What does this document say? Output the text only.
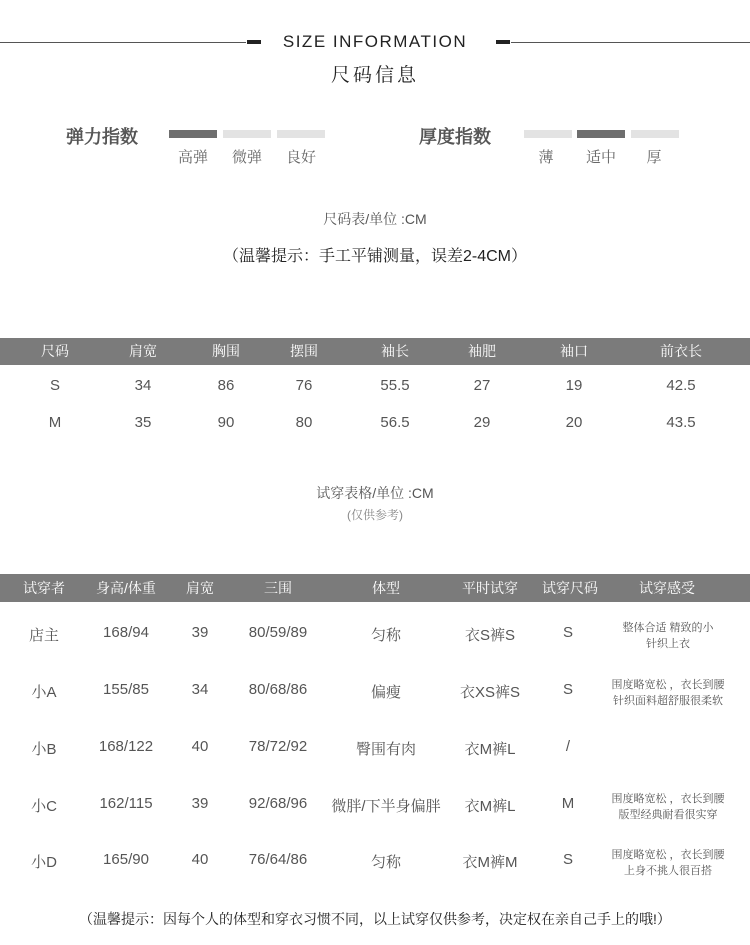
SIZE INFORMATION
尺码信息
弹力指数
高弹	微弹	良好
厚度指数
薄	适中	厚
尺码表/单位 :CM
（温馨提示：手工平铺测量，误差2-4CM）
尺码	肩宽	胸围	摆围	袖长	袖肥	袖口	前衣长
S	34	86	76	55.5	27	19	42.5
M	35	90	80	56.5	29	20	43.5
试穿表格/单位 :CM
(仅供参考)
试穿者	身高/体重	肩宽	三围	体型	平时试穿	试穿尺码	试穿感受
店主	168/94	39	80/59/89	匀称	衣S裤S	S	整体合适 精致的小
针织上衣
小A	155/85	34	80/68/86	偏瘦	衣XS裤S	S	围度略宽松 ，衣长到腰
针织面料超舒服很柔软
小B	168/122	40	78/72/92	臀围有肉	衣M裤L	/
小C	162/115	39	92/68/96	微胖/下半身偏胖	衣M裤L	M	围度略宽松 ，衣长到腰
版型经典耐看很实穿
小D	165/90	40	76/64/86	匀称	衣M裤M	S	围度略宽松 ，衣长到腰
上身不挑人很百搭
（温馨提示：因每个人的体型和穿衣习惯不同，以上试穿仅供参考，决定权在亲自己手上的哦!）
